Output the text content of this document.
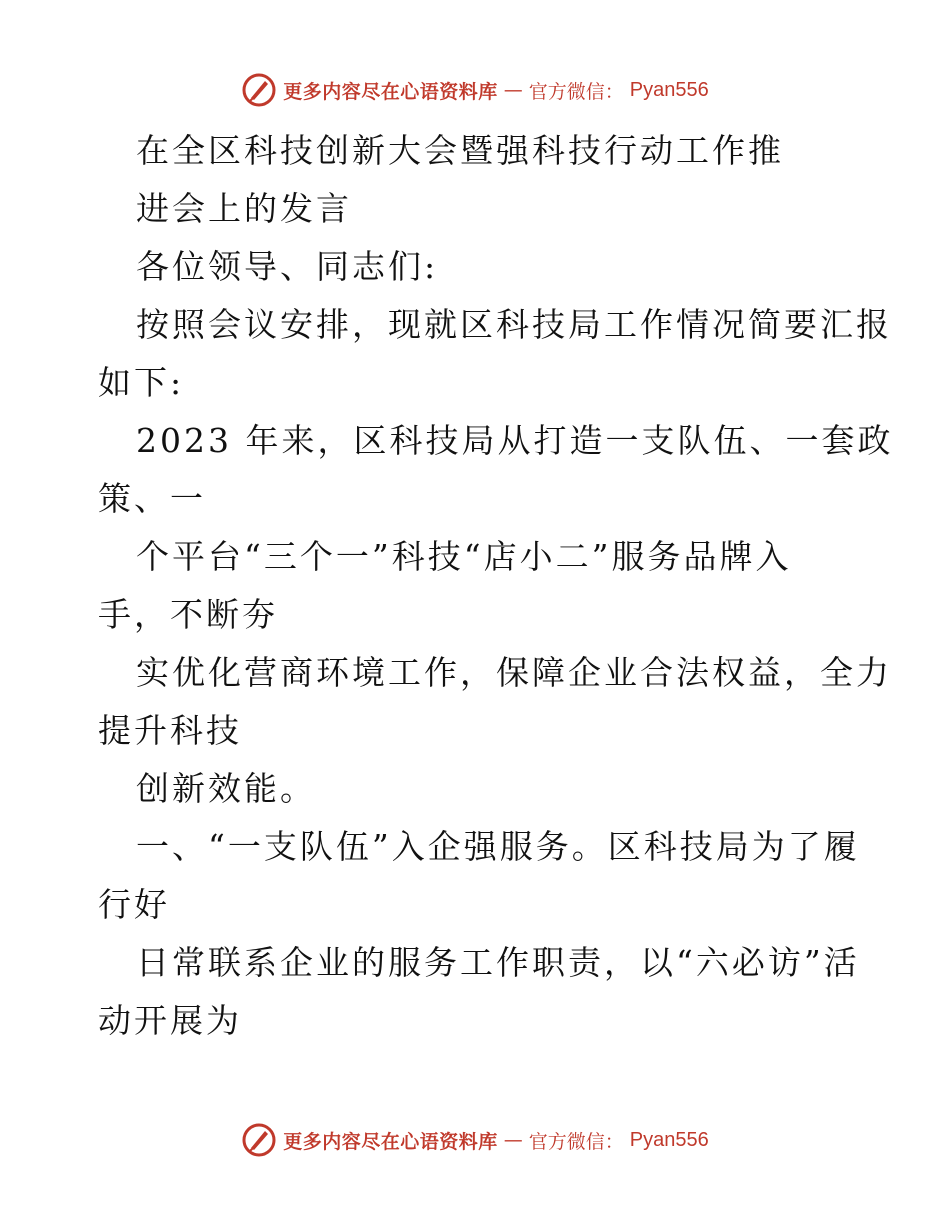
更多内容尽在心语资料库 — 官方微信： Pyan556
在全区科技创新大会暨强科技行动工作推
进会上的发言
各位领导、同志们:
按照会议安排，现就区科技局工作情况简要汇报
如下:
2023 年来，区科技局从打造一支队伍、一套政
策、一
个平台“三个一”科技“店小二”服务品牌入
手，不断夯
实优化营商环境工作，保障企业合法权益，全力
提升科技
创新效能。
一、“一支队伍”入企强服务。区科技局为了履
行好
日常联系企业的服务工作职责，以“六必访”活
动开展为
更多内容尽在心语资料库 — 官方微信： Pyan556
